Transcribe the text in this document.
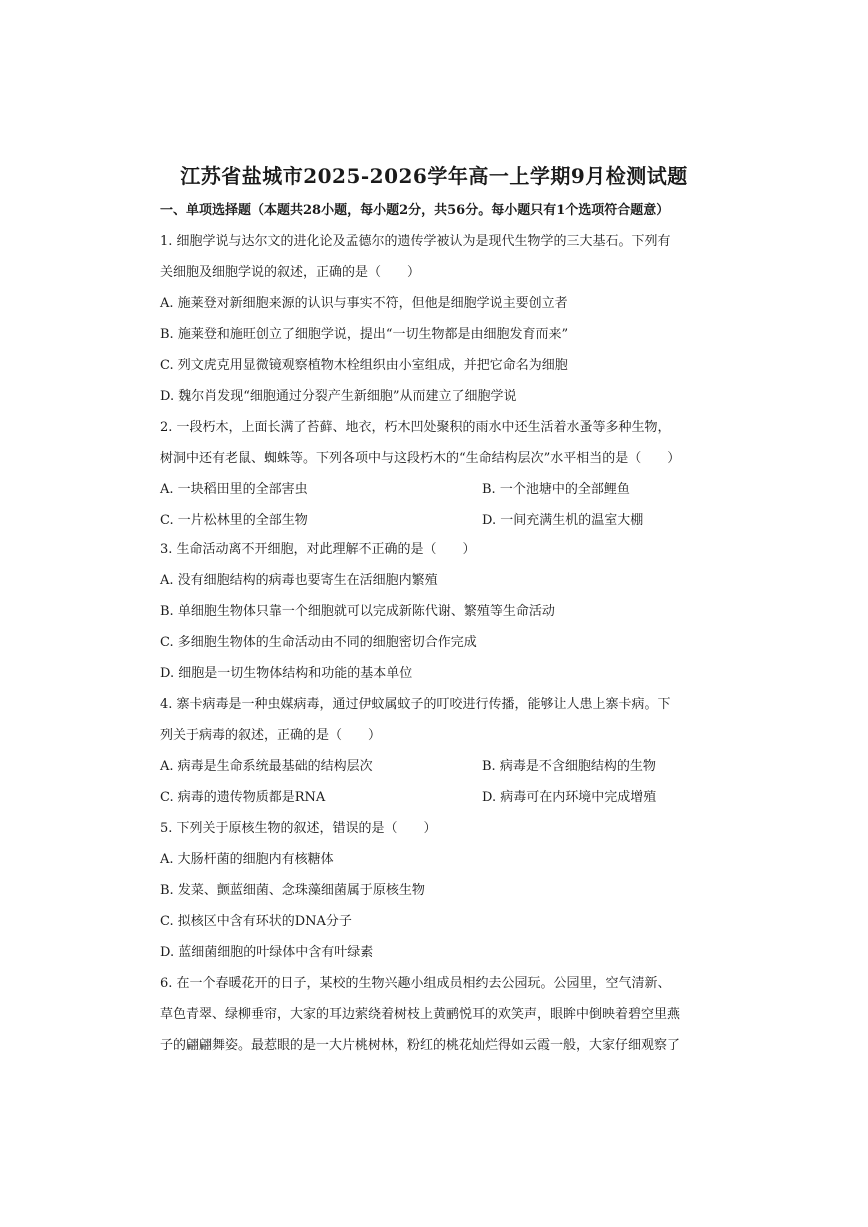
江苏省盐城市2025-2026学年高一上学期9月检测试题
一、单项选择题（本题共28小题，每小题2分，共56分。每小题只有1个选项符合题意）
1. 细胞学说与达尔文的进化论及孟德尔的遗传学被认为是现代生物学的三大基石。下列有
关细胞及细胞学说的叙述，正确的是（　　）
A. 施莱登对新细胞来源的认识与事实不符，但他是细胞学说主要创立者
B. 施莱登和施旺创立了细胞学说，提出“一切生物都是由细胞发育而来”
C. 列文虎克用显微镜观察植物木栓组织由小室组成，并把它命名为细胞
D. 魏尔肖发现“细胞通过分裂产生新细胞”从而建立了细胞学说
2. 一段朽木，上面长满了苔藓、地衣，朽木凹处聚积的雨水中还生活着水蚤等多种生物，
树洞中还有老鼠、蜘蛛等。下列各项中与这段朽木的“生命结构层次”水平相当的是（　　）
A. 一块稻田里的全部害虫	B. 一个池塘中的全部鲤鱼
C. 一片松林里的全部生物	D. 一间充满生机的温室大棚
3. 生命活动离不开细胞，对此理解不正确的是（　　）
A. 没有细胞结构的病毒也要寄生在活细胞内繁殖
B. 单细胞生物体只靠一个细胞就可以完成新陈代谢、繁殖等生命活动
C. 多细胞生物体的生命活动由不同的细胞密切合作完成
D. 细胞是一切生物体结构和功能的基本单位
4. 寨卡病毒是一种虫媒病毒，通过伊蚊属蚊子的叮咬进行传播，能够让人患上寨卡病。下
列关于病毒的叙述，正确的是（　　）
A. 病毒是生命系统最基础的结构层次	B. 病毒是不含细胞结构的生物
C. 病毒的遗传物质都是RNA	D. 病毒可在内环境中完成增殖
5. 下列关于原核生物的叙述，错误的是（　　）
A. 大肠杆菌的细胞内有核糖体
B. 发菜、颤蓝细菌、念珠藻细菌属于原核生物
C. 拟核区中含有环状的DNA分子
D. 蓝细菌细胞的叶绿体中含有叶绿素
6. 在一个春暖花开的日子，某校的生物兴趣小组成员相约去公园玩。公园里，空气清新、
草色青翠、绿柳垂帘，大家的耳边萦绕着树枝上黄鹂悦耳的欢笑声，眼眸中倒映着碧空里燕
子的翩翩舞姿。最惹眼的是一大片桃树林，粉红的桃花灿烂得如云霞一般，大家仔细观察了
